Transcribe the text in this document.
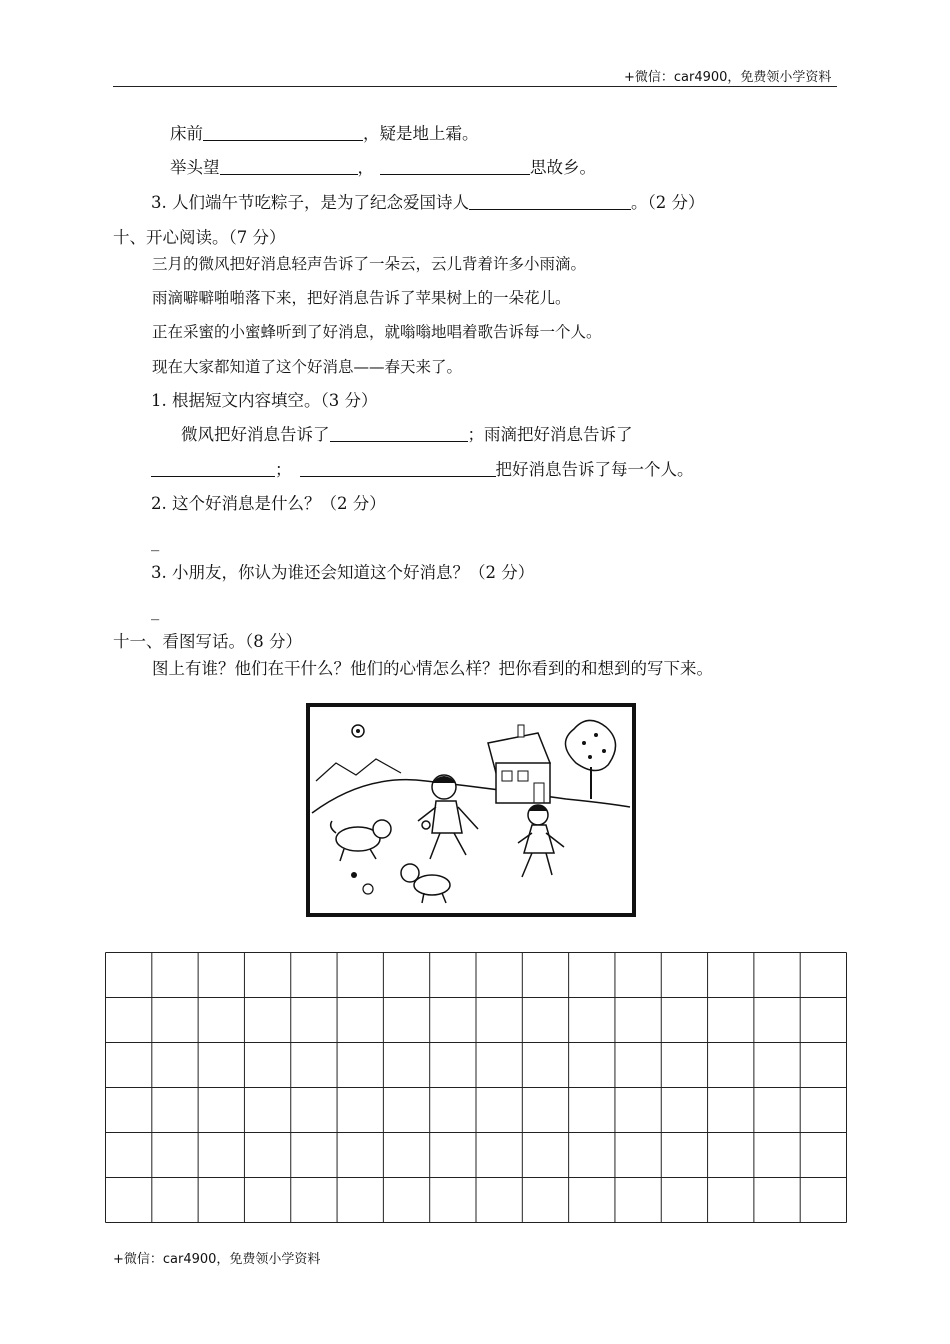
+微信：car4900，免费领小学资料
床前	，疑是地上霜。
举头望	，	思故乡。
3. 人们端午节吃粽子，是为了纪念爱国诗人	。（2 分）
十、开心阅读。（7 分）
三月的微风把好消息轻声告诉了一朵云，云儿背着许多小雨滴。
雨滴噼噼啪啪落下来，把好消息告诉了苹果树上的一朵花儿。
正在采蜜的小蜜蜂听到了好消息，就嗡嗡地唱着歌告诉每一个人。
现在大家都知道了这个好消息——春天来了。
1. 根据短文内容填空。（3 分）
微风把好消息告诉了	；雨滴把好消息告诉了
；	把好消息告诉了每一个人。
2. 这个好消息是什么？（2 分）
_
3. 小朋友，你认为谁还会知道这个好消息？（2 分）
_
十一、看图写话。（8 分）
图上有谁？他们在干什么？他们的心情怎么样？把你看到的和想到的写下来。
+微信：car4900，免费领小学资料
